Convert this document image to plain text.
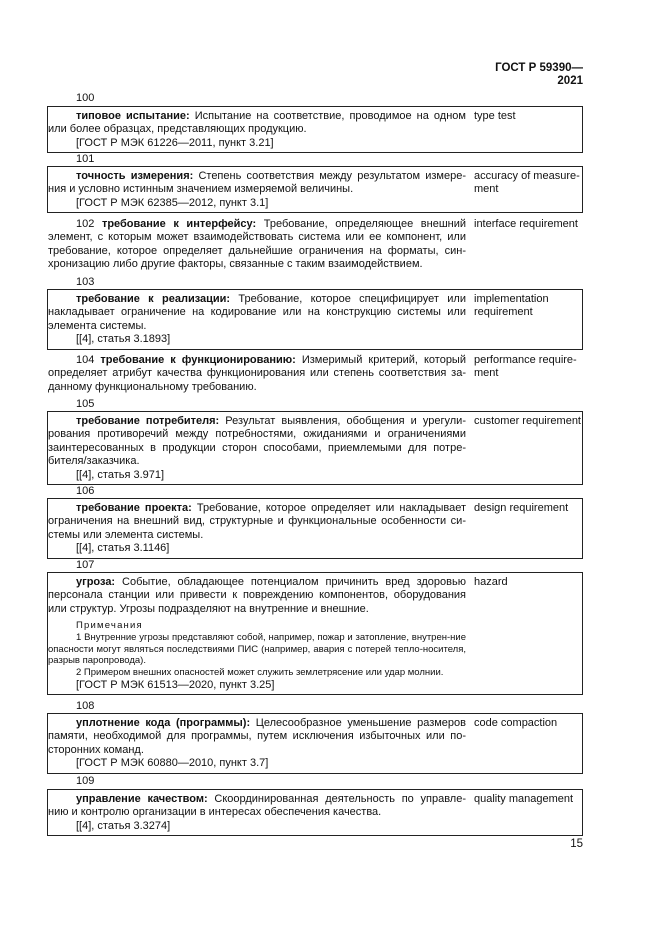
ГОСТ Р 59390—2021
100

типовое испытание: Испытание на соответствие, проводимое на одном или более образцах, представляющих продукцию.

[ГОСТ Р МЭК 61226—2011, пункт 3.21]

type test
101

точность измерения: Степень соответствия между результатом измере-ния и условно истинным значением измеряемой величины.

[ГОСТ Р МЭК 62385—2012, пункт 3.1]

accuracy of measure-ment

102 требование к интерфейсу: Требование, определяющее внешний элемент, с которым может взаимодействовать система или ее компонент, или требование, которое определяет дальнейшие ограничения на форматы, син-хронизацию либо другие факторы, связанные с таким взаимодействием.

interface requirement
103

требование к реализации: Требование, которое специфицирует или накладывает ограничение на кодирование или на конструкцию системы или элемента системы.

[[4], статья 3.1893]

implementation requirement

104 требование к функционированию: Измеримый критерий, который определяет атрибут качества функционирования или степень соответствия за-данному функциональному требованию.

performance require-ment
105

требование потребителя: Результат выявления, обобщения и урегули-рования противоречий между потребностями, ожиданиями и ограничениями заинтересованных в продукции сторон способами, приемлемыми для потре-бителя/заказчика.

[[4], статья 3.971]

customer requirement
106

требование проекта: Требование, которое определяет или накладывает ограничения на внешний вид, структурные и функциональные особенности си-стемы или элемента системы.

[[4], статья 3.1146]

design requirement
107

угроза: Событие, обладающее потенциалом причинить вред здоровью персонала станции или привести к повреждению компонентов, оборудования или структур. Угрозы подразделяют на внутренние и внешние.

Примечания

1 Внутренние угрозы представляют собой, например, пожар и затопление, внутрен-ние опасности могут являться последствиями ПИС (например, авария с потерей тепло-носителя, разрыв паропровода).

2 Примером внешних опасностей может служить землетрясение или удар молнии.

[ГОСТ Р МЭК 61513—2020, пункт 3.25]

hazard
108

уплотнение кода (программы): Целесообразное уменьшение размеров памяти, необходимой для программы, путем исключения избыточных или по-сторонних команд.

[ГОСТ Р МЭК 60880—2010, пункт 3.7]

code compaction
109

управление качеством: Скоординированная деятельность по управле-нию и контролю организации в интересах обеспечения качества.

[[4], статья 3.3274]

quality management
15
